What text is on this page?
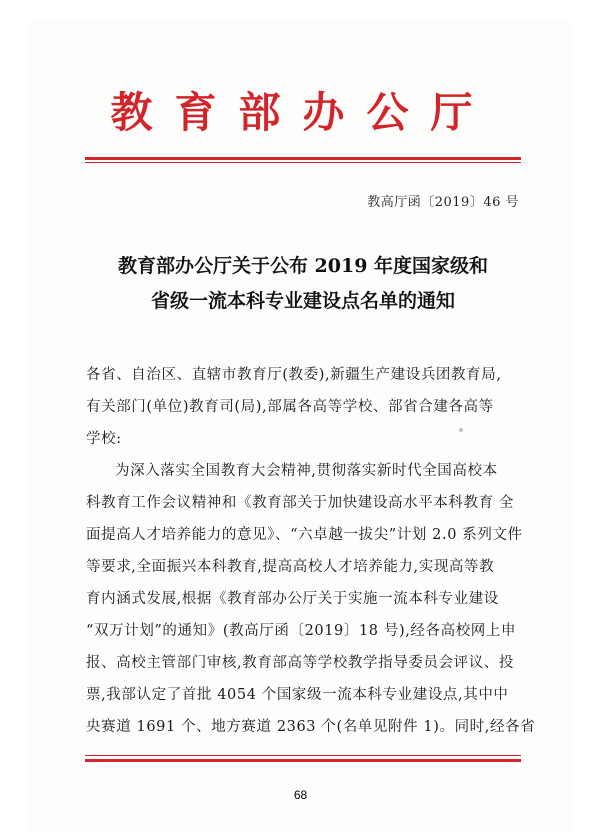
教育部办公厅
教高厅函〔2019〕46 号
教育部办公厅关于公布 2019 年度国家级和
省级一流本科专业建设点名单的通知
各省、自治区、直辖市教育厅(教委),新疆生产建设兵团教育局,
有关部门(单位)教育司(局),部属各高等学校、部省合建各高等
学校:
为深入落实全国教育大会精神,贯彻落实新时代全国高校本
科教育工作会议精神和《教育部关于加快建设高水平本科教育 全
面提高人才培养能力的意见》、“六卓越一拔尖”计划 2.0 系列文件
等要求,全面振兴本科教育,提高高校人才培养能力,实现高等教
育内涵式发展,根据《教育部办公厅关于实施一流本科专业建设
“双万计划”的通知》(教高厅函〔2019〕18 号),经各高校网上申
报、高校主管部门审核,教育部高等学校教学指导委员会评议、投
票,我部认定了首批 4054 个国家级一流本科专业建设点,其中中
央赛道 1691 个、地方赛道 2363 个(名单见附件 1)。同时,经各省
68
